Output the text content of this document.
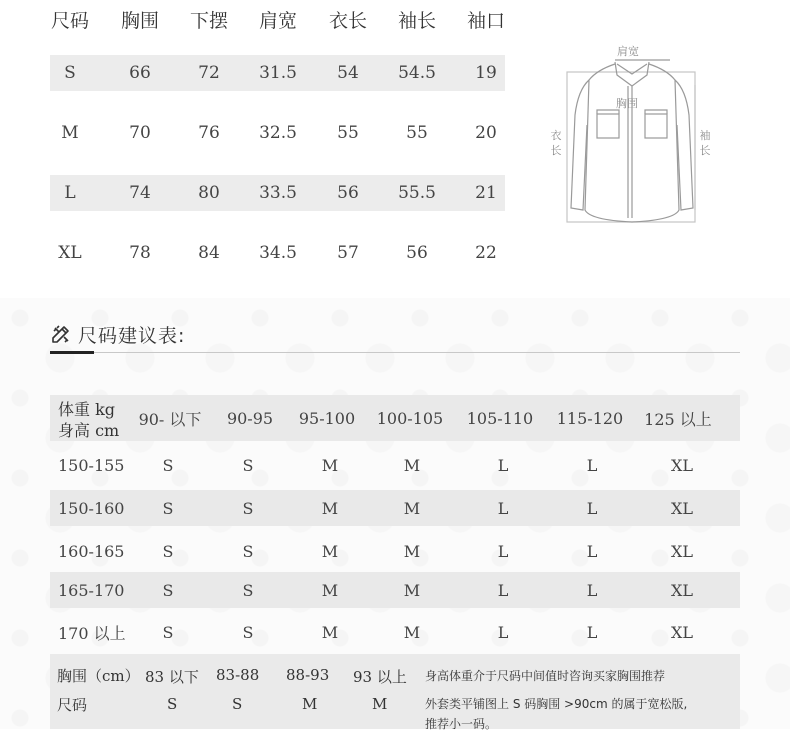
尺码	胸围	下摆	肩宽	衣长	袖长	袖口
S	66	72	31.5	54	54.5	19
M	70	76	32.5	55	55	20
L	74	80	33.5	56	55.5	21
XL	78	84	34.5	57	56	22
肩宽
胸围
衣长
袖长
尺码建议表:
体重 kg
身高 cm
90- 以下	90-95	95-100	100-105	105-110	115-120	125 以上
150-155	S	S	M	M	L	L	XL
150-160	S	S	M	M	L	L	XL
160-165	S	S	M	M	L	L	XL
165-170	S	S	M	M	L	L	XL
170 以上	S	S	M	M	L	L	XL
胸围（cm） 83 以下 83-88 88-93 93 以上 身高体重介于尺码中间值时咨询买家胸围推荐
尺码	S	S	M	M	外套类平铺图上 S 码胸围 >90cm 的属于宽松版,
推荐小一码。
